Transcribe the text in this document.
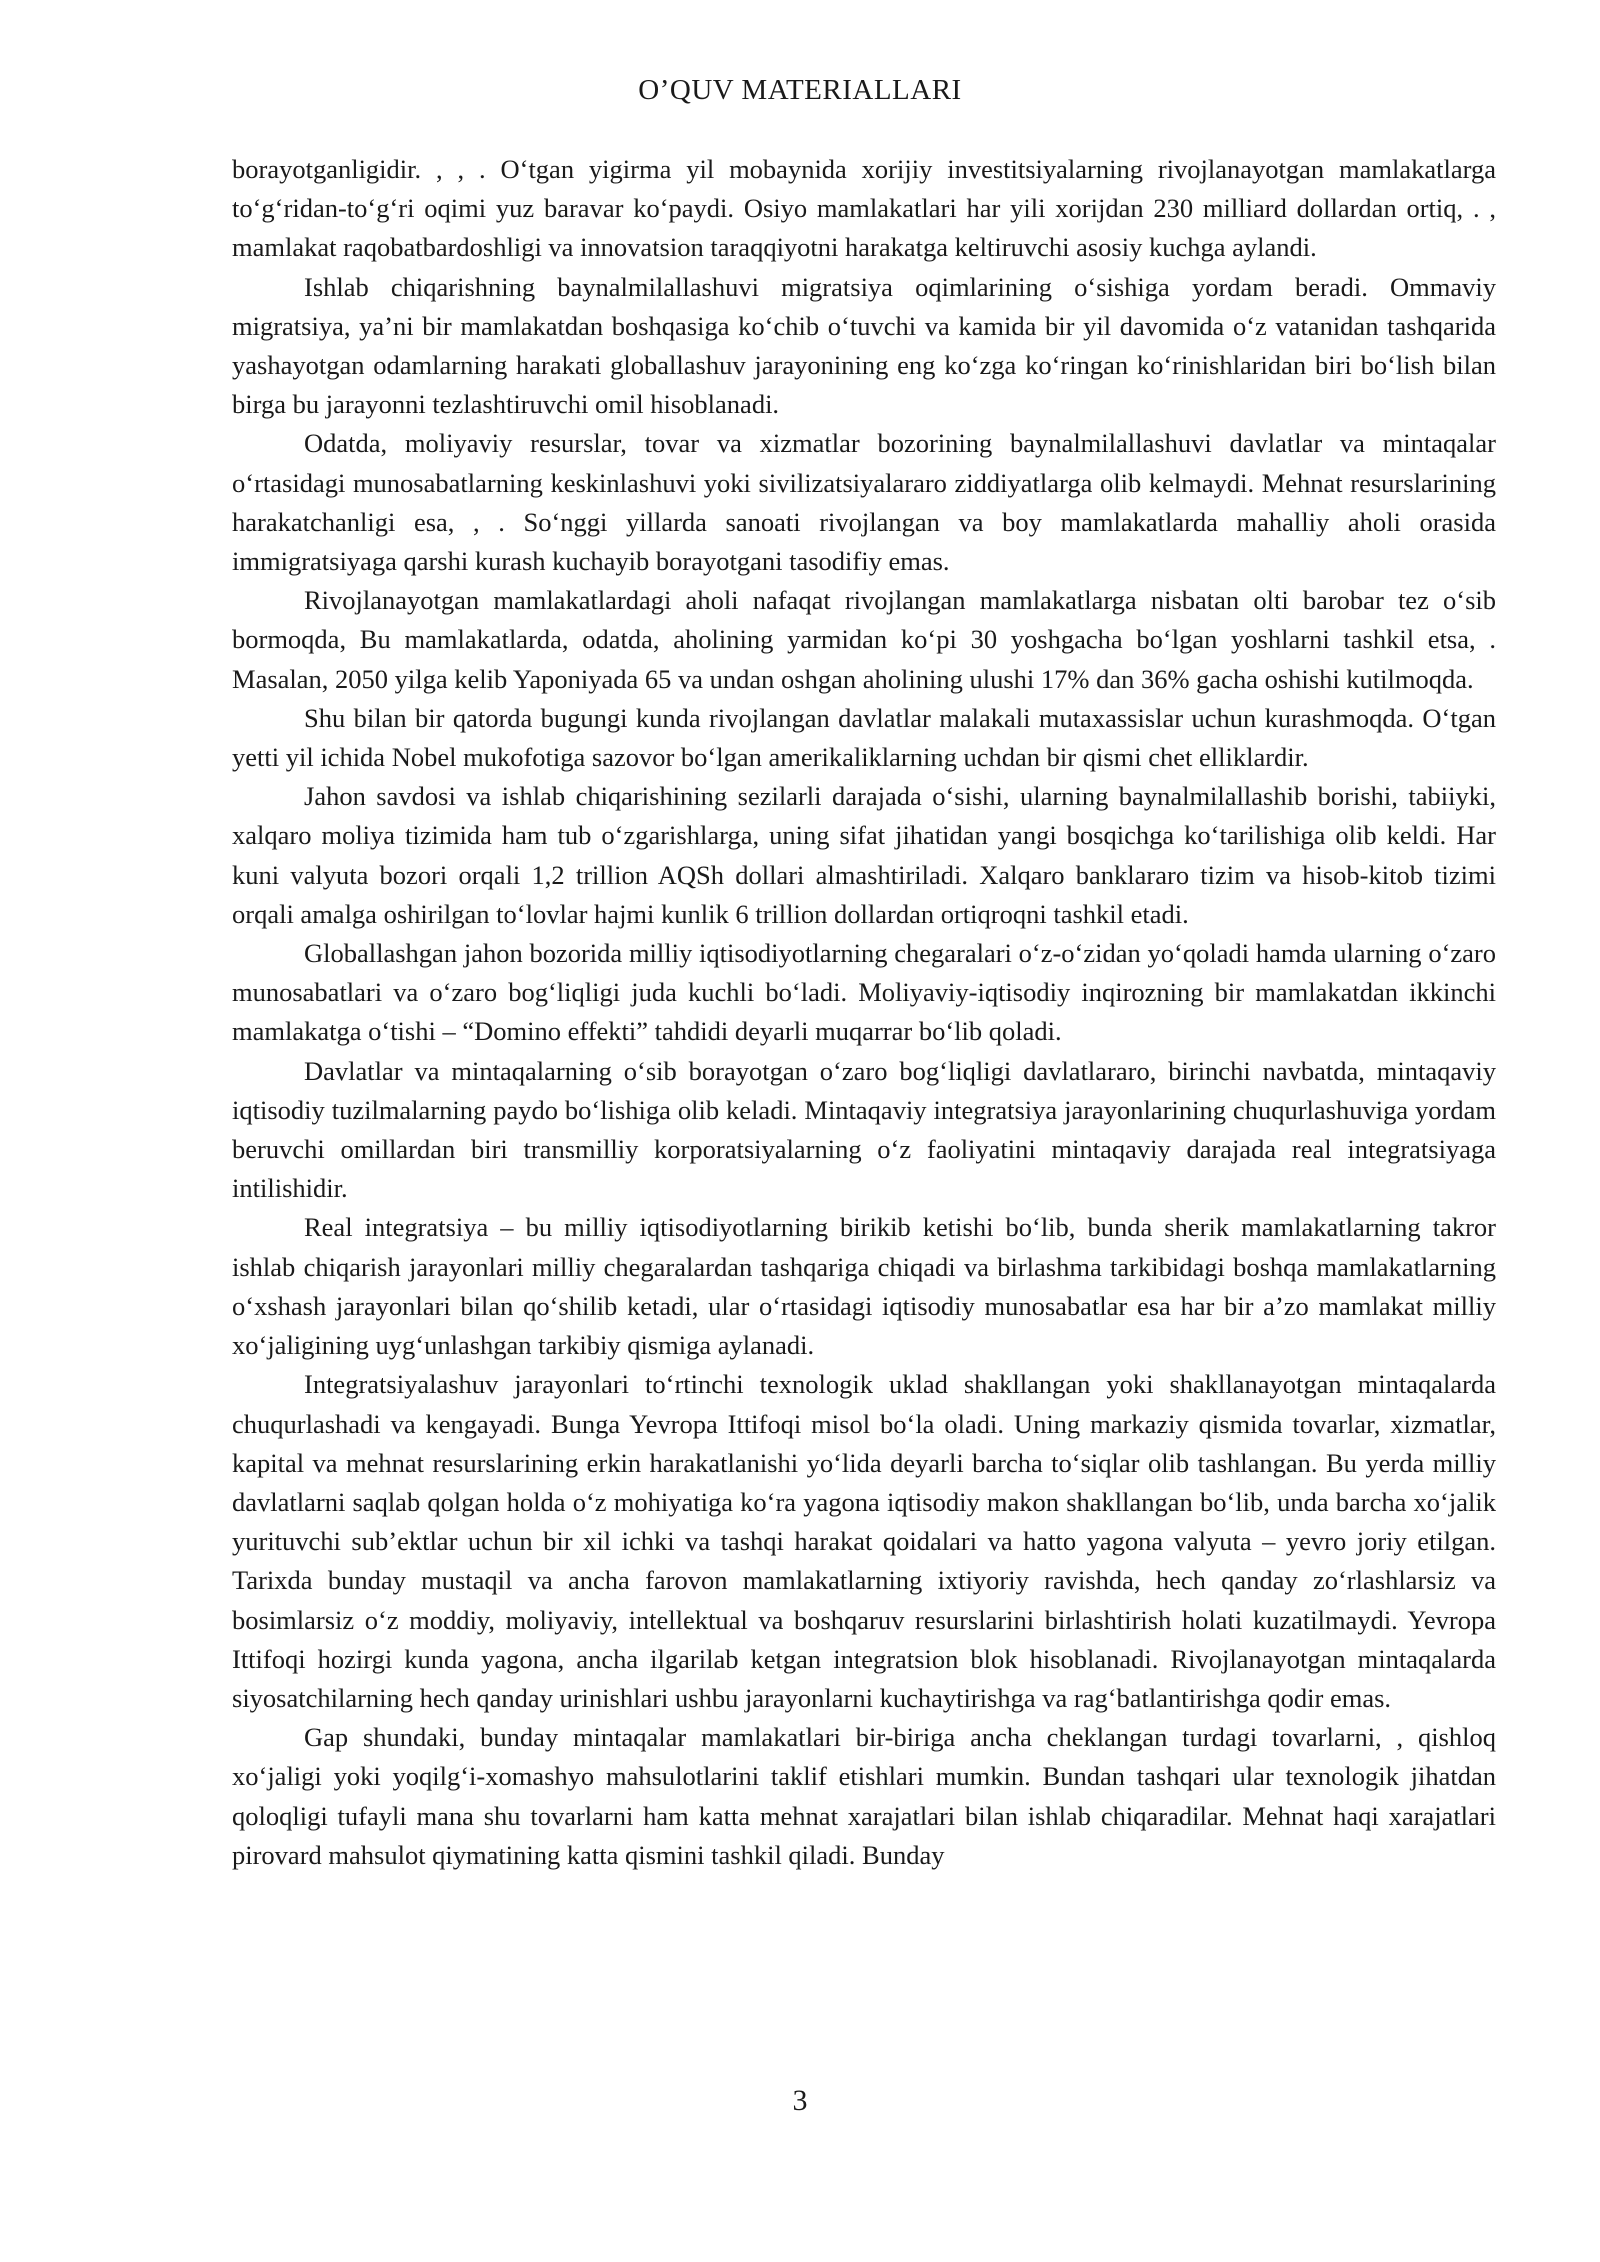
O’QUV MATERIALLARI

borayotganligidir. , , . O‘tgan yigirma yil mobaynida xorijiy investitsiyalarning rivojlanayotgan mamlakatlarga to‘g‘ridan-to‘g‘ri oqimi yuz baravar ko‘paydi. Osiyo mamlakatlari har yili xorijdan 230 milliard dollardan ortiq, . , mamlakat raqobatbardoshligi va innovatsion taraqqiyotni harakatga keltiruvchi asosiy kuchga aylandi.

Ishlab chiqarishning baynalmilallashuvi migratsiya oqimlarining o‘sishiga yordam beradi. Ommaviy migratsiya, ya’ni bir mamlakatdan boshqasiga ko‘chib o‘tuvchi va kamida bir yil davomida o‘z vatanidan tashqarida yashayotgan odamlarning harakati globallashuv jarayonining eng ko‘zga ko‘ringan ko‘rinishlaridan biri bo‘lish bilan birga bu jarayonni tezlashtiruvchi omil hisoblanadi.

Odatda, moliyaviy resurslar, tovar va xizmatlar bozorining baynalmilallashuvi davlatlar va mintaqalar o‘rtasidagi munosabatlarning keskinlashuvi yoki sivilizatsiyalararo ziddiyatlarga olib kelmaydi. Mehnat resurslarining harakatchanligi esa, , . So‘nggi yillarda sanoati rivojlangan va boy mamlakatlarda mahalliy aholi orasida immigratsiyaga qarshi kurash kuchayib borayotgani tasodifiy emas.

Rivojlanayotgan mamlakatlardagi aholi nafaqat rivojlangan mamlakatlarga nisbatan olti barobar tez o‘sib bormoqda, Bu mamlakatlarda, odatda, aholining yarmidan ko‘pi 30 yoshgacha bo‘lgan yoshlarni tashkil etsa, . Masalan, 2050 yilga kelib Yaponiyada 65 va undan oshgan aholining ulushi 17% dan 36% gacha oshishi kutilmoqda.

Shu bilan bir qatorda bugungi kunda rivojlangan davlatlar malakali mutaxassislar uchun kurashmoqda. O‘tgan yetti yil ichida Nobel mukofotiga sazovor bo‘lgan amerikaliklarning uchdan bir qismi chet elliklardir.

Jahon savdosi va ishlab chiqarishining sezilarli darajada o‘sishi, ularning baynalmilallashib borishi, tabiiyki, xalqaro moliya tizimida ham tub o‘zgarishlarga, uning sifat jihatidan yangi bosqichga ko‘tarilishiga olib keldi. Har kuni valyuta bozori orqali 1,2 trillion AQSh dollari almashtiriladi. Xalqaro banklararo tizim va hisob-kitob tizimi orqali amalga oshirilgan to‘lovlar hajmi kunlik 6 trillion dollardan ortiqroqni tashkil etadi.

Globallashgan jahon bozorida milliy iqtisodiyotlarning chegaralari o‘z-o‘zidan yo‘qoladi hamda ularning o‘zaro munosabatlari va o‘zaro bog‘liqligi juda kuchli bo‘ladi. Moliyaviy-iqtisodiy inqirozning bir mamlakatdan ikkinchi mamlakatga o‘tishi – “Domino effekti” tahdidi deyarli muqarrar bo‘lib qoladi.

Davlatlar va mintaqalarning o‘sib borayotgan o‘zaro bog‘liqligi davlatlararo, birinchi navbatda, mintaqaviy iqtisodiy tuzilmalarning paydo bo‘lishiga olib keladi. Mintaqaviy integratsiya jarayonlarining chuqurlashuviga yordam beruvchi omillardan biri transmilliy korporatsiyalarning o‘z faoliyatini mintaqaviy darajada real integratsiyaga intilishidir.

Real integratsiya – bu milliy iqtisodiyotlarning birikib ketishi bo‘lib, bunda sherik mamlakatlarning takror ishlab chiqarish jarayonlari milliy chegaralardan tashqariga chiqadi va birlashma tarkibidagi boshqa mamlakatlarning o‘xshash jarayonlari bilan qo‘shilib ketadi, ular o‘rtasidagi iqtisodiy munosabatlar esa har bir a’zo mamlakat milliy xo‘jaligining uyg‘unlashgan tarkibiy qismiga aylanadi.

Integratsiyalashuv jarayonlari to‘rtinchi texnologik uklad shakllangan yoki shakllanayotgan mintaqalarda chuqurlashadi va kengayadi. Bunga Yevropa Ittifoqi misol bo‘la oladi. Uning markaziy qismida tovarlar, xizmatlar, kapital va mehnat resurslarining erkin harakatlanishi yo‘lida deyarli barcha to‘siqlar olib tashlangan. Bu yerda milliy davlatlarni saqlab qolgan holda o‘z mohiyatiga ko‘ra yagona iqtisodiy makon shakllangan bo‘lib, unda barcha xo‘jalik yurituvchi sub’ektlar uchun bir xil ichki va tashqi harakat qoidalari va hatto yagona valyuta – yevro joriy etilgan. Tarixda bunday mustaqil va ancha farovon mamlakatlarning ixtiyoriy ravishda, hech qanday zo‘rlashlarsiz va bosimlarsiz o‘z moddiy, moliyaviy, intellektual va boshqaruv resurslarini birlashtirish holati kuzatilmaydi. Yevropa Ittifoqi hozirgi kunda yagona, ancha ilgarilab ketgan integratsion blok hisoblanadi. Rivojlanayotgan mintaqalarda siyosatchilarning hech qanday urinishlari ushbu jarayonlarni kuchaytirishga va rag‘batlantirishga qodir emas.

Gap shundaki, bunday mintaqalar mamlakatlari bir-biriga ancha cheklangan turdagi tovarlarni, , qishloq xo‘jaligi yoki yoqilg‘i-xomashyo mahsulotlarini taklif etishlari mumkin. Bundan tashqari ular texnologik jihatdan qoloqligi tufayli mana shu tovarlarni ham katta mehnat xarajatlari bilan ishlab chiqaradilar. Mehnat haqi xarajatlari pirovard mahsulot qiymatining katta qismini tashkil qiladi. Bunday

3
